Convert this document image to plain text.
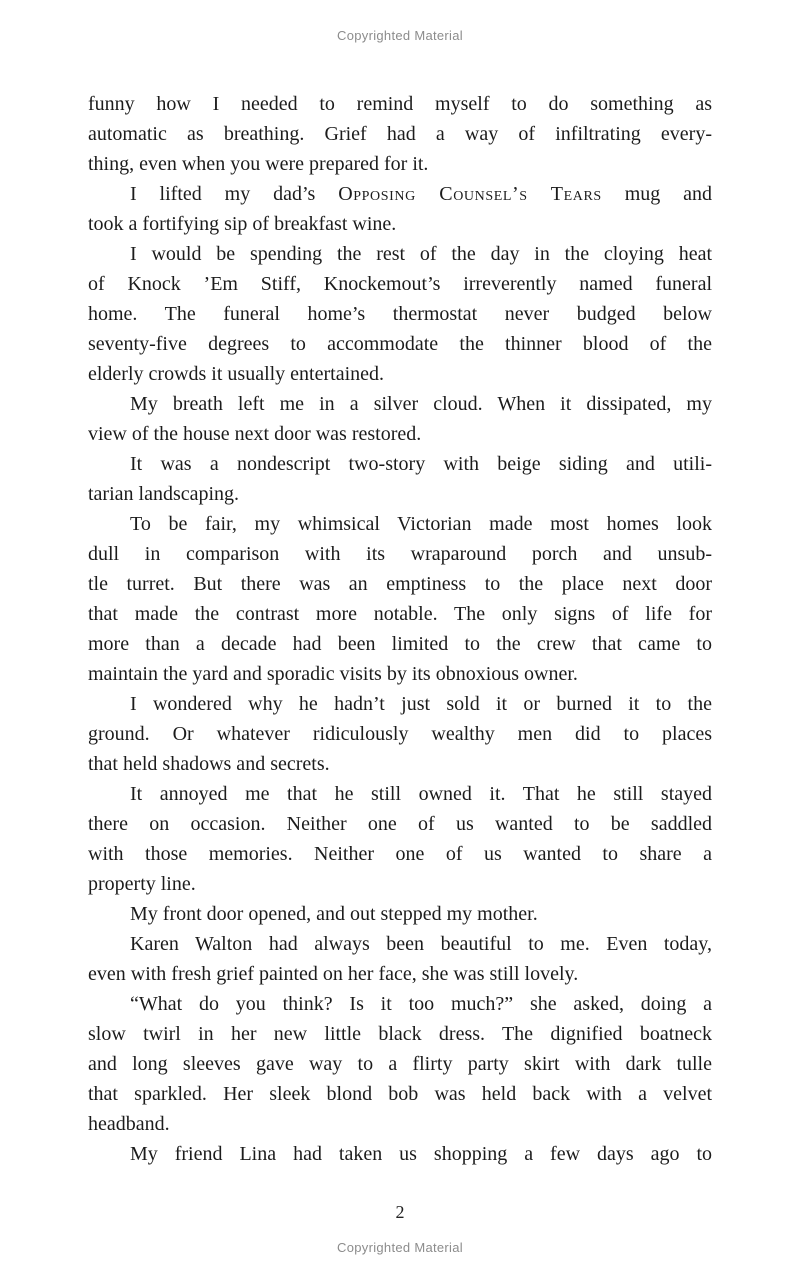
Copyrighted Material
funny how I needed to remind myself to do something as
automatic as breathing. Grief had a way of infiltrating every-
thing, even when you were prepared for it.
I lifted my dad’s Opposing Counsel’s Tears mug and
took a fortifying sip of breakfast wine.
I would be spending the rest of the day in the cloying heat
of Knock ’Em Stiff, Knockemout’s irreverently named funeral
home. The funeral home’s thermostat never budged below
seventy-five degrees to accommodate the thinner blood of the
elderly crowds it usually entertained.
My breath left me in a silver cloud. When it dissipated, my
view of the house next door was restored.
It was a nondescript two-story with beige siding and utili-
tarian landscaping.
To be fair, my whimsical Victorian made most homes look
dull in comparison with its wraparound porch and unsub-
tle turret. But there was an emptiness to the place next door
that made the contrast more notable. The only signs of life for
more than a decade had been limited to the crew that came to
maintain the yard and sporadic visits by its obnoxious owner.
I wondered why he hadn’t just sold it or burned it to the
ground. Or whatever ridiculously wealthy men did to places
that held shadows and secrets.
It annoyed me that he still owned it. That he still stayed
there on occasion. Neither one of us wanted to be saddled
with those memories. Neither one of us wanted to share a
property line.
My front door opened, and out stepped my mother.
Karen Walton had always been beautiful to me. Even today,
even with fresh grief painted on her face, she was still lovely.
“What do you think? Is it too much?” she asked, doing a
slow twirl in her new little black dress. The dignified boatneck
and long sleeves gave way to a flirty party skirt with dark tulle
that sparkled. Her sleek blond bob was held back with a velvet
headband.
My friend Lina had taken us shopping a few days ago to
2
Copyrighted Material
